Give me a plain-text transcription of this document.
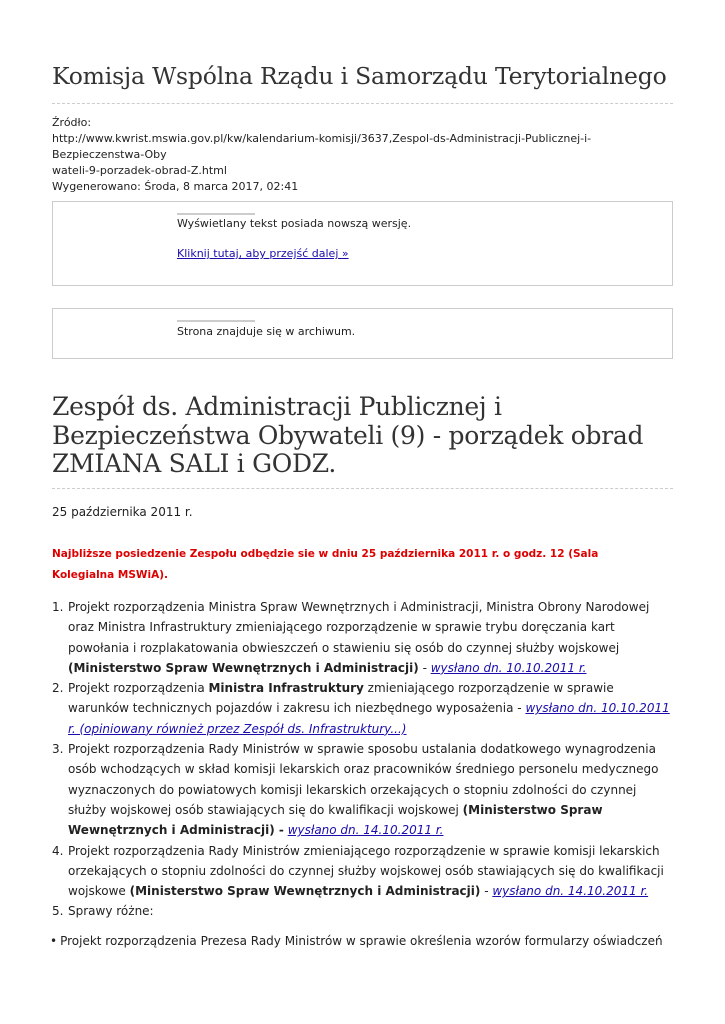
Komisja Wspólna Rządu i Samorządu Terytorialnego
Źródło:
http://www.kwrist.mswia.gov.pl/kw/kalendarium-komisji/3637,Zespol-ds-Administracji-Publicznej-i-Bezpieczenstwa-Oby
wateli-9-porzadek-obrad-Z.html
Wygenerowano: Środa, 8 marca 2017, 02:41
Wyświetlany tekst posiada nowszą wersję.
Kliknij tutaj, aby przejść dalej »
Strona znajduje się w archiwum.
Zespół ds. Administracji Publicznej i Bezpieczeństwa Obywateli (9) - porządek obrad ZMIANA SALI i GODZ.
25 października 2011 r.
Najbliższe posiedzenie Zespołu odbędzie sie w dniu 25 października 2011 r. o godz. 12 (Sala Kolegialna MSWiA).
1. Projekt rozporządzenia Ministra Spraw Wewnętrznych i Administracji, Ministra Obrony Narodowej oraz Ministra Infrastruktury zmieniającego rozporządzenie w sprawie trybu doręczania kart powołania i rozplakatowania obwieszczeń o stawieniu się osób do czynnej służby wojskowej (Ministerstwo Spraw Wewnętrznych i Administracji) - wysłano dn. 10.10.2011 r.
2. Projekt rozporządzenia Ministra Infrastruktury zmieniającego rozporządzenie w sprawie warunków technicznych pojazdów i zakresu ich niezbędnego wyposażenia - wysłano dn. 10.10.2011 r. (opiniowany również przez Zespół ds. Infrastruktury...)
3. Projekt rozporządzenia Rady Ministrów w sprawie sposobu ustalania dodatkowego wynagrodzenia osób wchodzących w skład komisji lekarskich oraz pracowników średniego personelu medycznego wyznaczonych do powiatowych komisji lekarskich orzekających o stopniu zdolności do czynnej służby wojskowej osób stawiających się do kwalifikacji wojskowej (Ministerstwo Spraw Wewnętrznych i Administracji) - wysłano dn. 14.10.2011 r.
4. Projekt rozporządzenia Rady Ministrów zmieniającego rozporządzenie w sprawie komisji lekarskich orzekających o stopniu zdolności do czynnej służby wojskowej osób stawiających się do kwalifikacji wojskowe (Ministerstwo Spraw Wewnętrznych i Administracji) - wysłano dn. 14.10.2011 r.
5. Sprawy różne:
• Projekt rozporządzenia Prezesa Rady Ministrów w sprawie określenia wzorów formularzy oświadczeń
